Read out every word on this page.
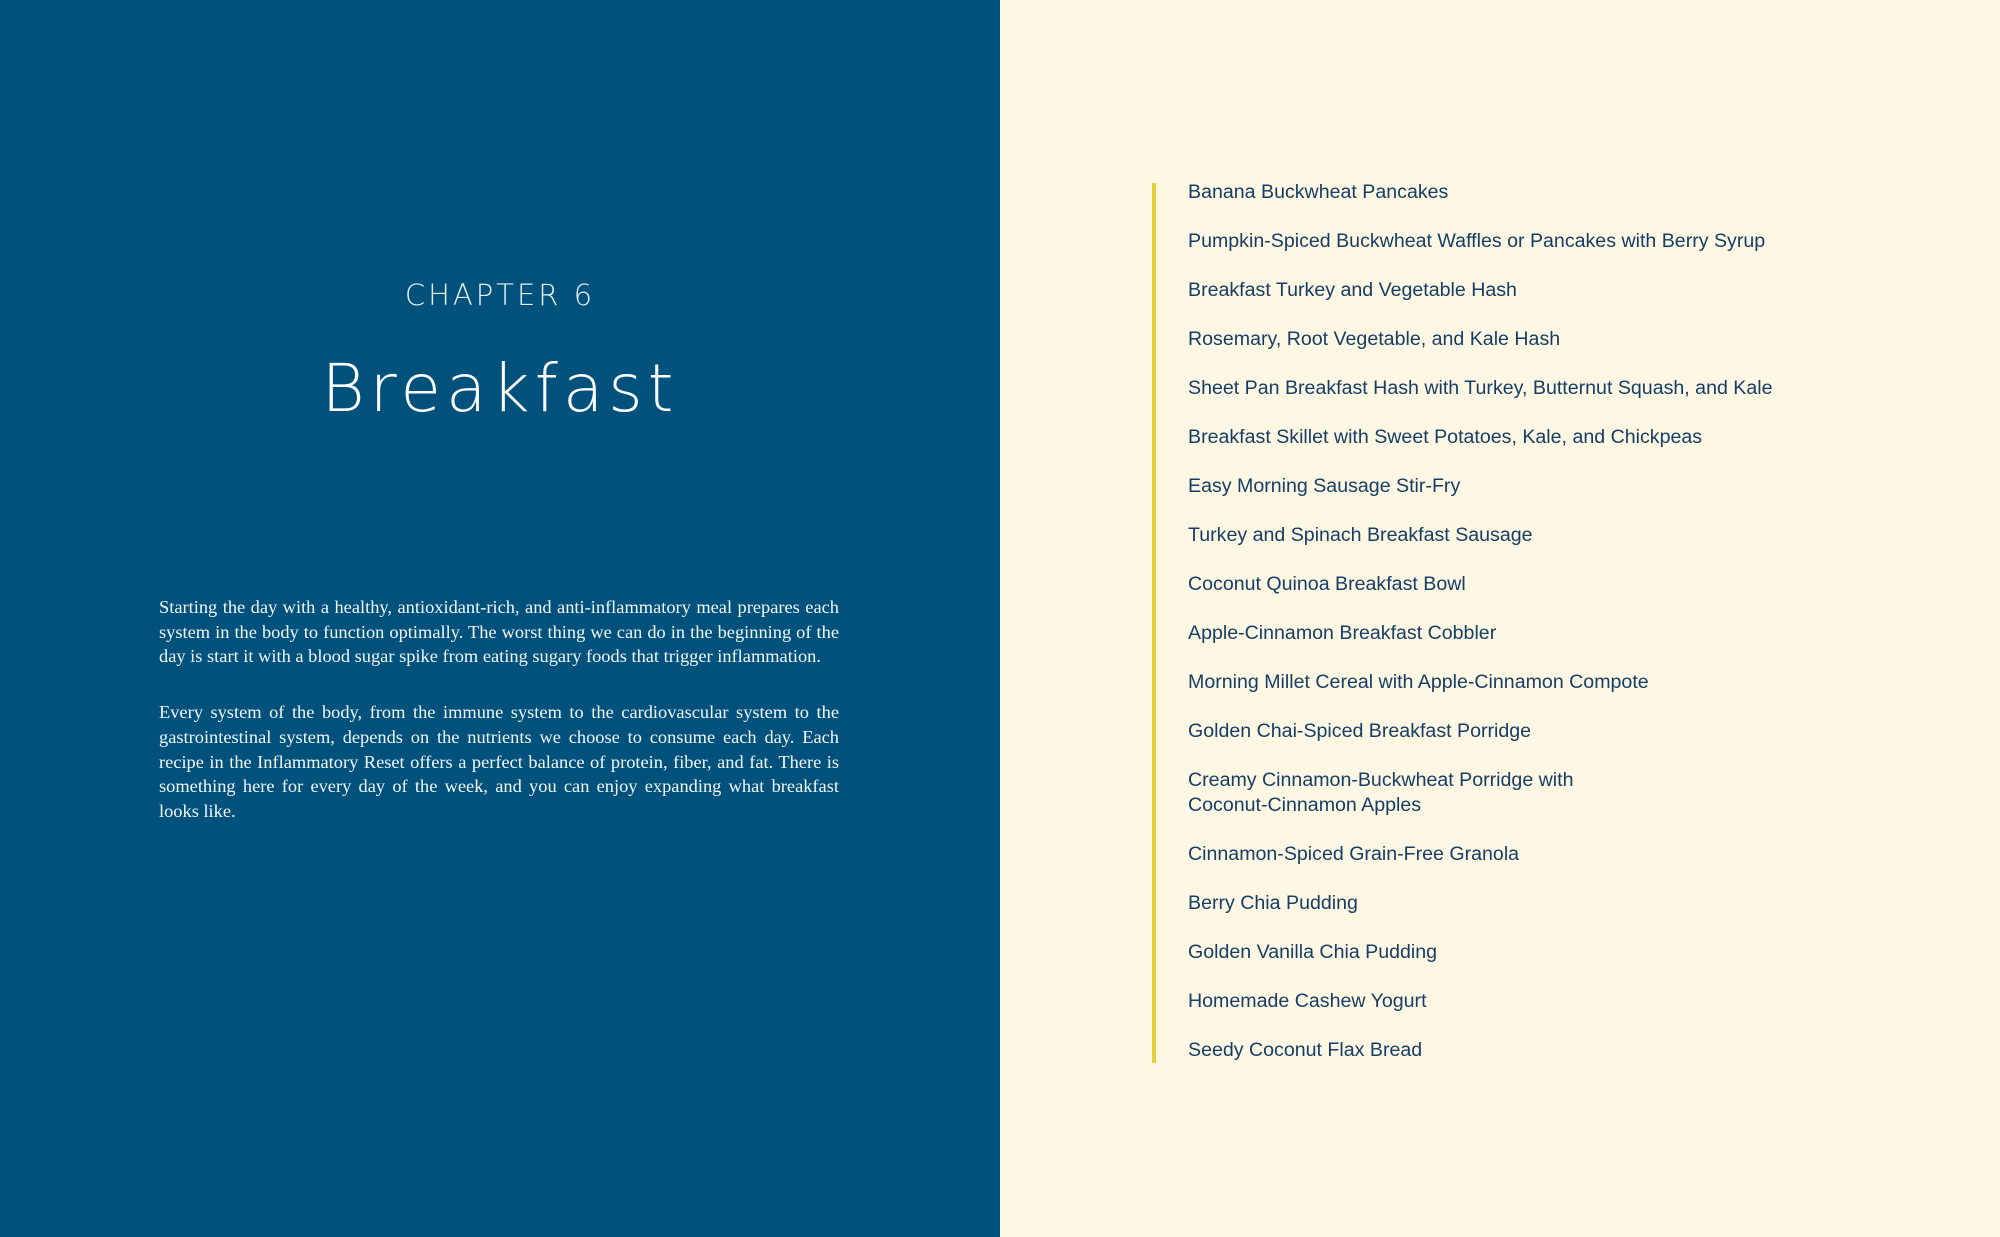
CHAPTER 6
Breakfast

Starting the day with a healthy, antioxidant-rich, and anti-inflammatory meal prepares each system in the body to function optimally. The worst thing we can do in the beginning of the day is start it with a blood sugar spike from eating sugary foods that trigger inflammation.

Every system of the body, from the immune system to the cardiovascular system to the gastrointestinal system, depends on the nutrients we choose to consume each day. Each recipe in the Inflammatory Reset offers a perfect balance of protein, fiber, and fat. There is something here for every day of the week, and you can enjoy expanding what breakfast looks like.

Banana Buckwheat Pancakes
Pumpkin-Spiced Buckwheat Waffles or Pancakes with Berry Syrup
Breakfast Turkey and Vegetable Hash
Rosemary, Root Vegetable, and Kale Hash
Sheet Pan Breakfast Hash with Turkey, Butternut Squash, and Kale
Breakfast Skillet with Sweet Potatoes, Kale, and Chickpeas
Easy Morning Sausage Stir-Fry
Turkey and Spinach Breakfast Sausage
Coconut Quinoa Breakfast Bowl
Apple-Cinnamon Breakfast Cobbler
Morning Millet Cereal with Apple-Cinnamon Compote
Golden Chai-Spiced Breakfast Porridge
Creamy Cinnamon-Buckwheat Porridge with Coconut-Cinnamon Apples
Cinnamon-Spiced Grain-Free Granola
Berry Chia Pudding
Golden Vanilla Chia Pudding
Homemade Cashew Yogurt
Seedy Coconut Flax Bread
